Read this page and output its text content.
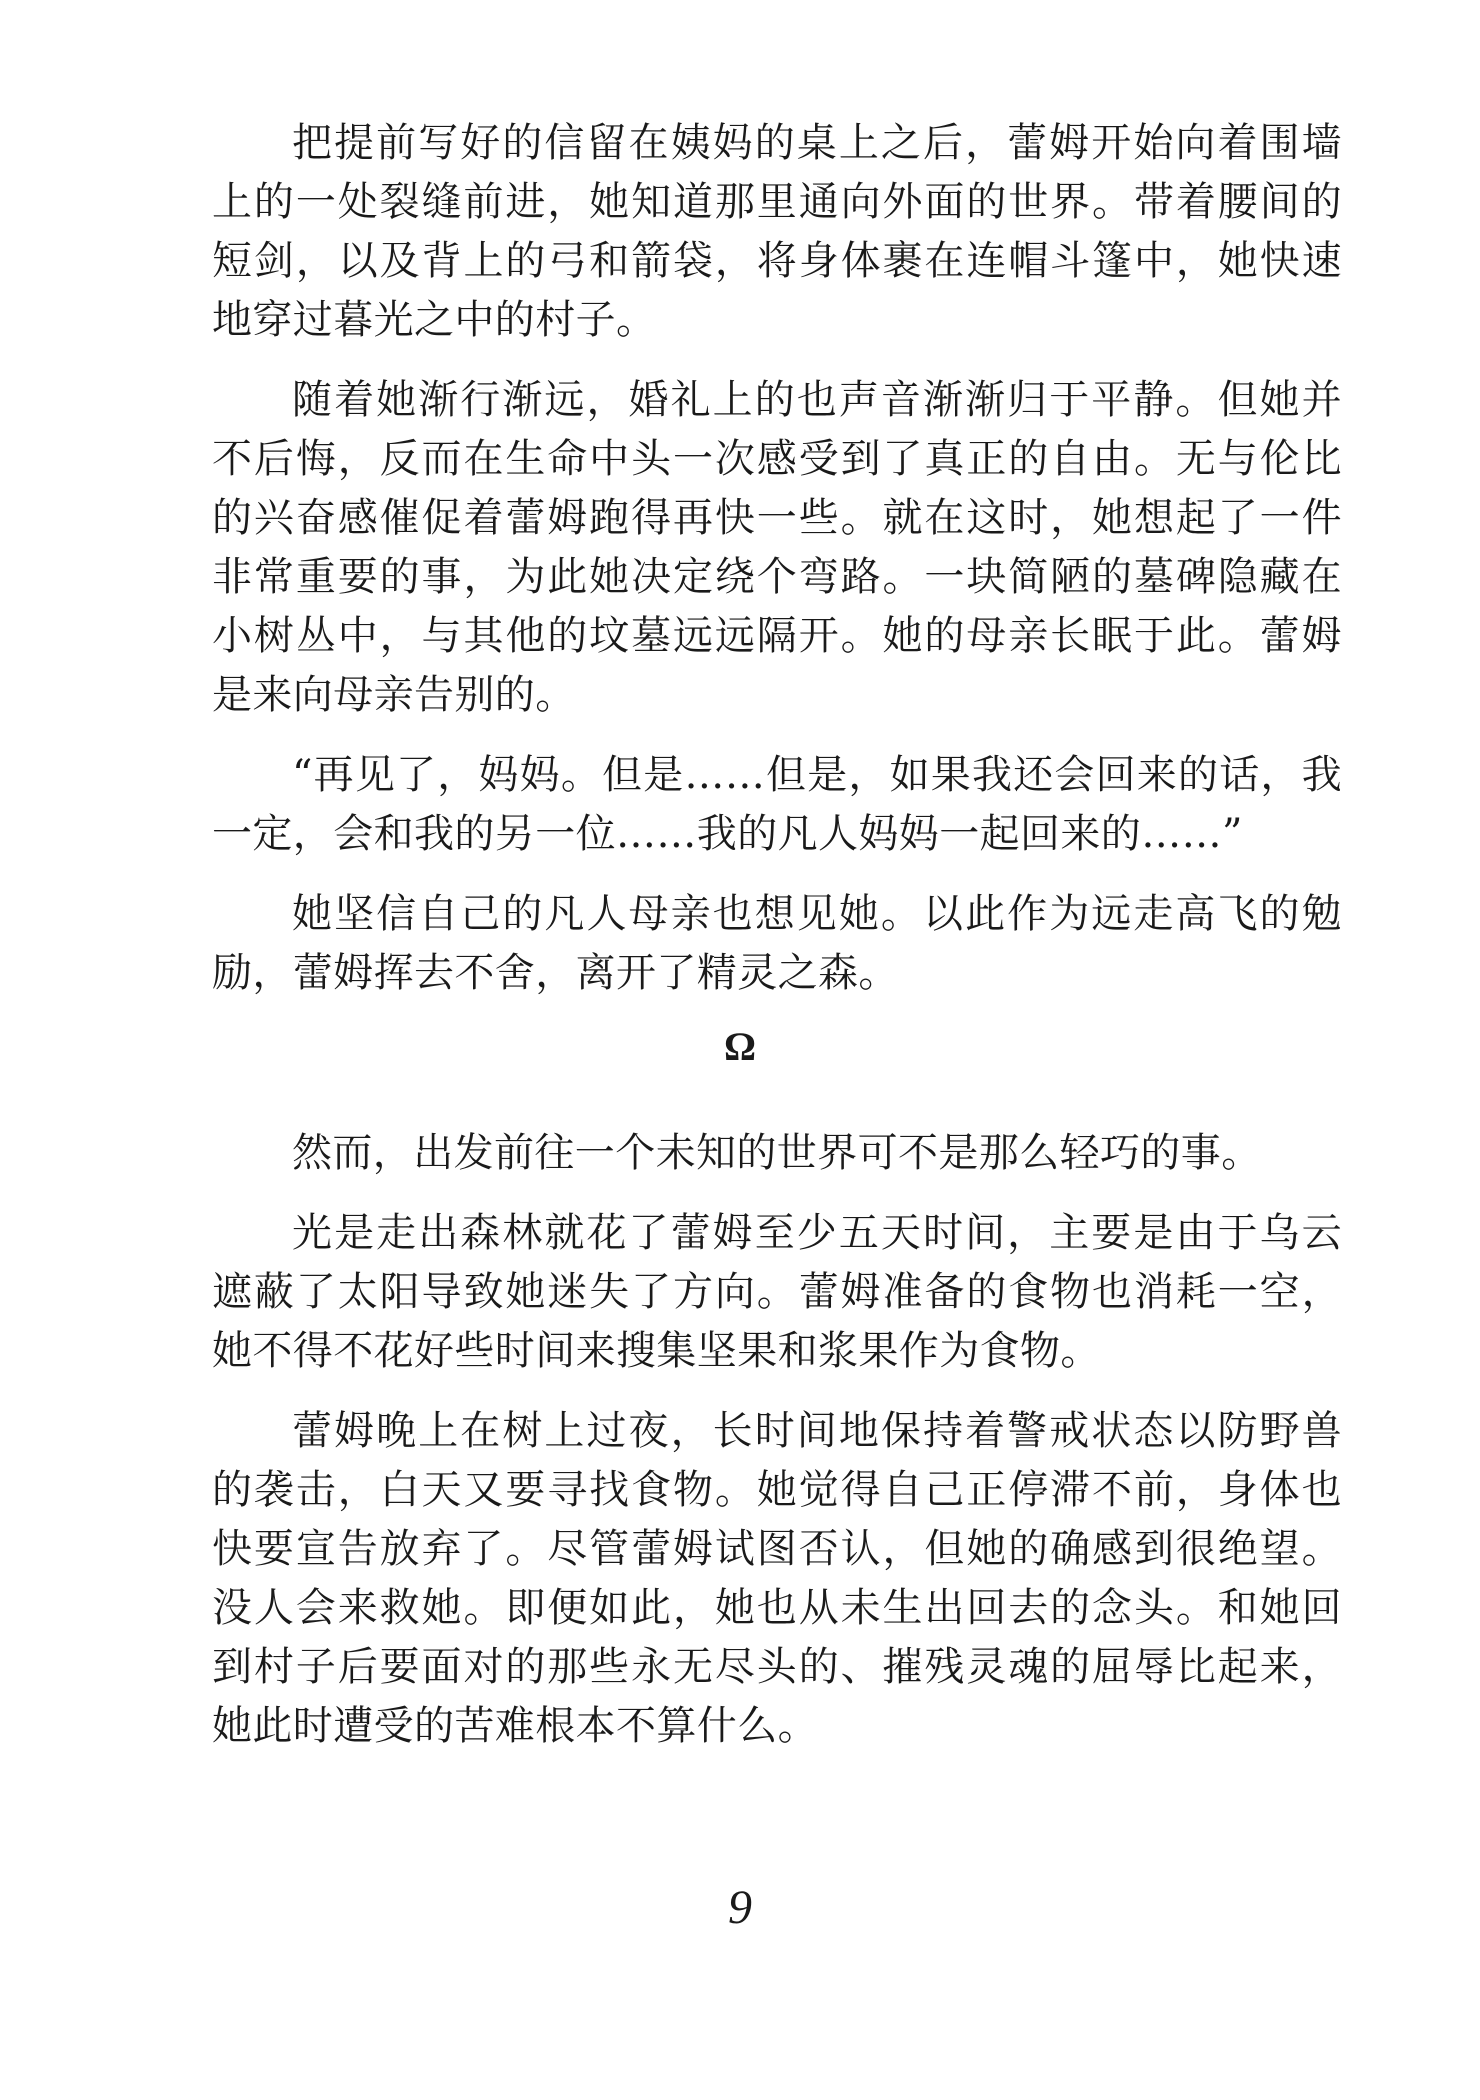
把提前写好的信留在姨妈的桌上之后，蕾姆开始向着围墙上的一处裂缝前进，她知道那里通向外面的世界。带着腰间的短剑，以及背上的弓和箭袋，将身体裹在连帽斗篷中，她快速地穿过暮光之中的村子。

随着她渐行渐远，婚礼上的也声音渐渐归于平静。但她并不后悔，反而在生命中头一次感受到了真正的自由。无与伦比的兴奋感催促着蕾姆跑得再快一些。就在这时，她想起了一件非常重要的事，为此她决定绕个弯路。一块简陋的墓碑隐藏在小树丛中，与其他的坟墓远远隔开。她的母亲长眠于此。蕾姆是来向母亲告别的。

“再见了，妈妈。但是……但是，如果我还会回来的话，我一定，会和我的另一位……我的凡人妈妈一起回来的……”

她坚信自己的凡人母亲也想见她。以此作为远走高飞的勉励，蕾姆挥去不舍，离开了精灵之森。

Ω

然而，出发前往一个未知的世界可不是那么轻巧的事。

光是走出森林就花了蕾姆至少五天时间，主要是由于乌云遮蔽了太阳导致她迷失了方向。蕾姆准备的食物也消耗一空，她不得不花好些时间来搜集坚果和浆果作为食物。

蕾姆晚上在树上过夜，长时间地保持着警戒状态以防野兽的袭击，白天又要寻找食物。她觉得自己正停滞不前，身体也快要宣告放弃了。尽管蕾姆试图否认，但她的确感到很绝望。没人会来救她。即便如此，她也从未生出回去的念头。和她回到村子后要面对的那些永无尽头的、摧残灵魂的屈辱比起来，她此时遭受的苦难根本不算什么。

9
